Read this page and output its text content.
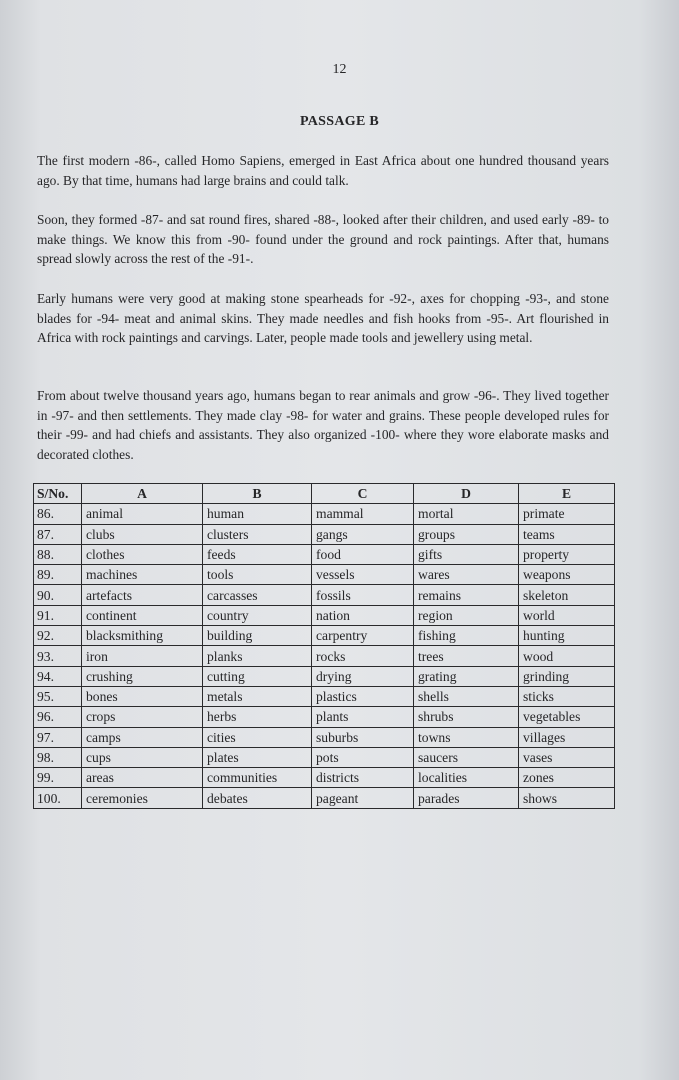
12
PASSAGE B

The first modern -86-, called Homo Sapiens, emerged in East Africa about one hundred thousand years ago. By that time, humans had large brains and could talk.

Soon, they formed -87- and sat round fires, shared -88-, looked after their children, and used early -89- to make things. We know this from -90- found under the ground and rock paintings. After that, humans spread slowly across the rest of the -91-.

Early humans were very good at making stone spearheads for -92-, axes for chopping -93-, and stone blades for -94- meat and animal skins. They made needles and fish hooks from -95-. Art flourished in Africa with rock paintings and carvings. Later, people made tools and jewellery using metal.

From about twelve thousand years ago, humans began to rear animals and grow -96-. They lived together in -97- and then settlements. They made clay -98- for water and grains. These people developed rules for their -99- and had chiefs and assistants. They also organized -100- where they wore elaborate masks and decorated clothes.

S/No.	A	B	C	D	E
86.	animal	human	mammal	mortal	primate
87.	clubs	clusters	gangs	groups	teams
88.	clothes	feeds	food	gifts	property
89.	machines	tools	vessels	wares	weapons
90.	artefacts	carcasses	fossils	remains	skeleton
91.	continent	country	nation	region	world
92.	blacksmithing	building	carpentry	fishing	hunting
93.	iron	planks	rocks	trees	wood
94.	crushing	cutting	drying	grating	grinding
95.	bones	metals	plastics	shells	sticks
96.	crops	herbs	plants	shrubs	vegetables
97.	camps	cities	suburbs	towns	villages
98.	cups	plates	pots	saucers	vases
99.	areas	communities	districts	localities	zones
100.	ceremonies	debates	pageant	parades	shows
